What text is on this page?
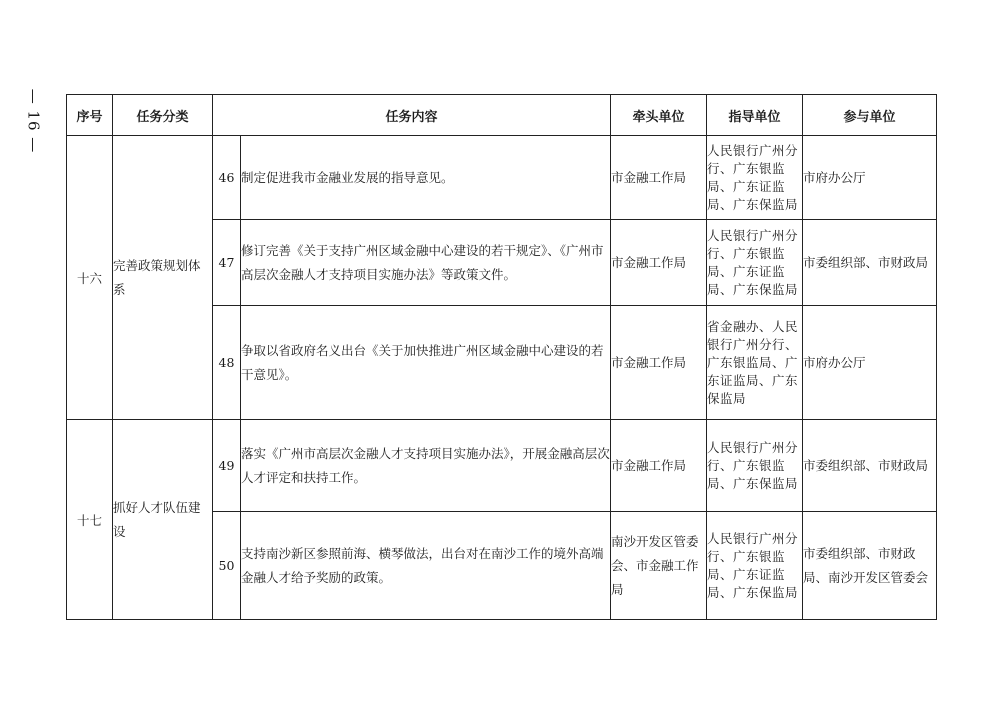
— 16 —	序号	任务分类	任务内容		牵头单位	指导单位	参与单位
十六	完善政策规划体系	46	制定促进我市金融业发展的指导意见。	市金融工作局	人民银行广州分行、广东银监局、广东证监局、广东保监局	市府办公厅
		47	修订完善《关于支持广州区域金融中心建设的若干规定》、《广州市高层次金融人才支持项目实施办法》等政策文件。	市金融工作局	人民银行广州分行、广东银监局、广东证监局、广东保监局	市委组织部、市财政局
		48	争取以省政府名义出台《关于加快推进广州区域金融中心建设的若干意见》。	市金融工作局	省金融办、人民银行广州分行、广东银监局、广东证监局、广东保监局	市府办公厅
十七	抓好人才队伍建设	49	落实《广州市高层次金融人才支持项目实施办法》，开展金融高层次人才评定和扶持工作。	市金融工作局	人民银行广州分行、广东银监局、广东保监局	市委组织部、市财政局
		50	支持南沙新区参照前海、横琴做法，出台对在南沙工作的境外高端金融人才给予奖励的政策。	南沙开发区管委会、市金融工作局	人民银行广州分行、广东银监局、广东证监局、广东保监局	市委组织部、市财政局、南沙开发区管委会
